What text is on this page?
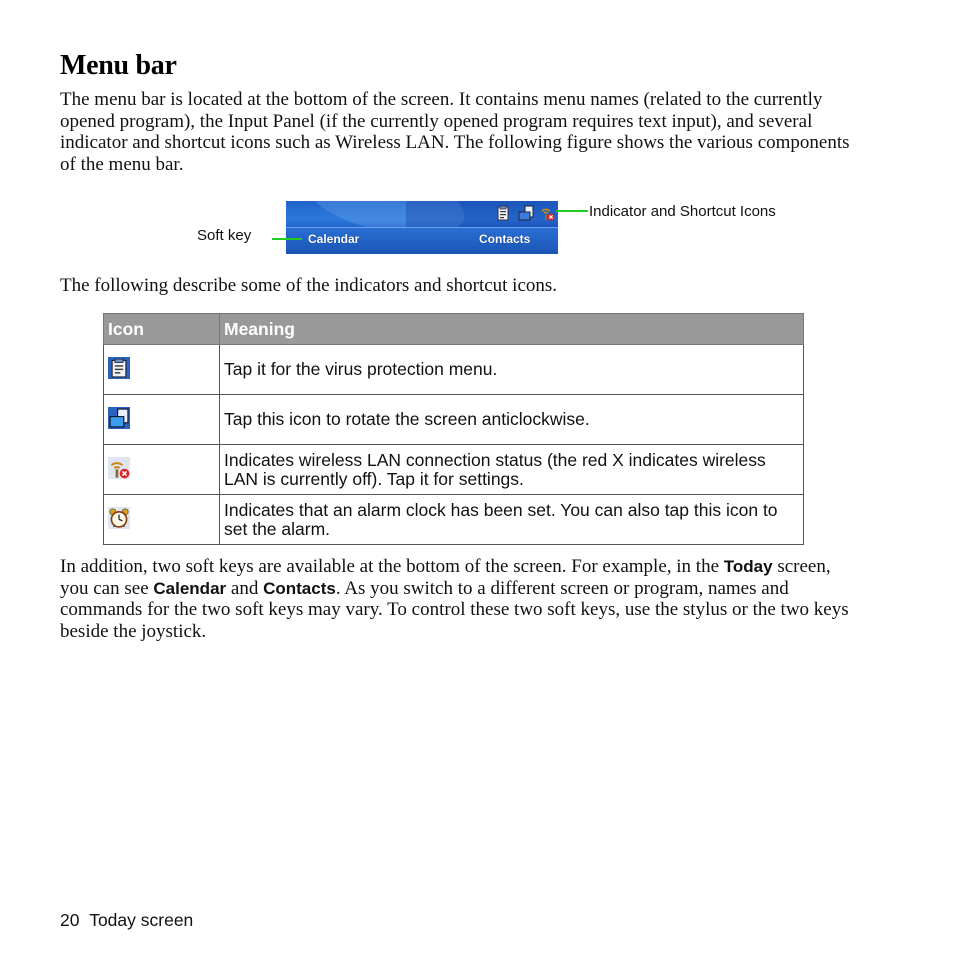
Menu bar

The menu bar is located at the bottom of the screen. It contains menu names (related to the currently opened program), the Input Panel (if the currently opened program requires text input), and several indicator and shortcut icons such as Wireless LAN. The following figure shows the various components of the menu bar.

Calendar	Contacts
Soft key
Indicator and Shortcut Icons

The following describe some of the indicators and shortcut icons.

Icon	Meaning
	Tap it for the virus protection menu.
	Tap this icon to rotate the screen anticlockwise.
	Indicates wireless LAN connection status (the red X indicates wireless LAN is currently off). Tap it for settings.
	Indicates that an alarm clock has been set. You can also tap this icon to set the alarm.

In addition, two soft keys are available at the bottom of the screen. For example, in the Today screen, you can see Calendar and Contacts. As you switch to a different screen or program, names and commands for the two soft keys may vary. To control these two soft keys, use the stylus or the two keys beside the joystick.

20 Today screen
